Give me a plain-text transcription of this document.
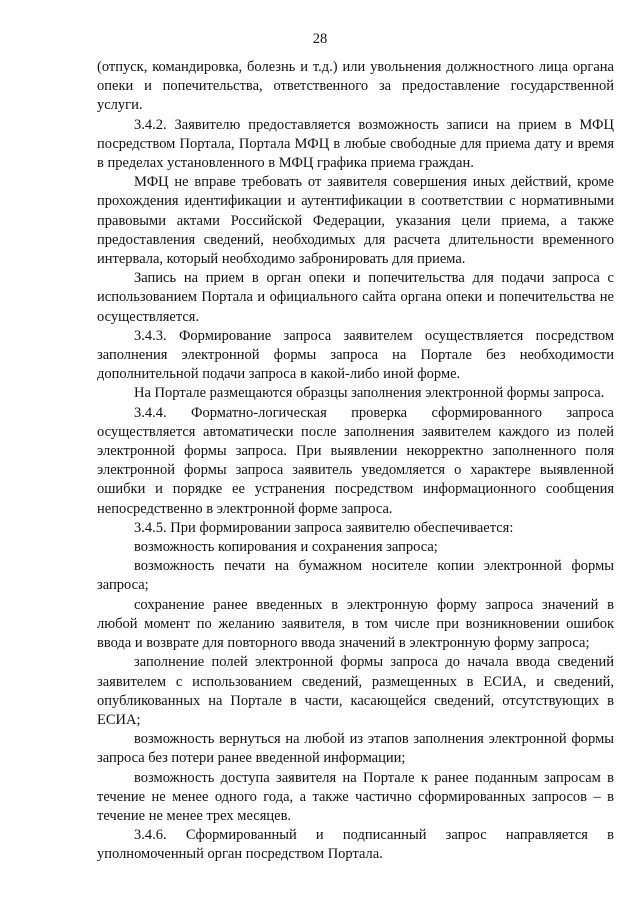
28

(отпуск, командировка, болезнь и т.д.) или увольнения должностного лица органа опеки и попечительства, ответственного за предоставление государственной услуги.

3.4.2. Заявителю предоставляется возможность записи на прием в МФЦ посредством Портала, Портала МФЦ в любые свободные для приема дату и время в пределах установленного в МФЦ графика приема граждан.

МФЦ не вправе требовать от заявителя совершения иных действий, кроме прохождения идентификации и аутентификации в соответствии с нормативными правовыми актами Российской Федерации, указания цели приема, а также предоставления сведений, необходимых для расчета длительности временного интервала, который необходимо забронировать для приема.

Запись на прием в орган опеки и попечительства для подачи запроса с использованием Портала и официального сайта органа опеки и попечительства не осуществляется.

3.4.3. Формирование запроса заявителем осуществляется посредством заполнения электронной формы запроса на Портале без необходимости дополнительной подачи запроса в какой-либо иной форме.

На Портале размещаются образцы заполнения электронной формы запроса.

3.4.4. Форматно-логическая проверка сформированного запроса осуществляется автоматически после заполнения заявителем каждого из полей электронной формы запроса. При выявлении некорректно заполненного поля электронной формы запроса заявитель уведомляется о характере выявленной ошибки и порядке ее устранения посредством информационного сообщения непосредственно в электронной форме запроса.

3.4.5. При формировании запроса заявителю обеспечивается:

возможность копирования и сохранения запроса;

возможность печати на бумажном носителе копии электронной формы запроса;

сохранение ранее введенных в электронную форму запроса значений в любой момент по желанию заявителя, в том числе при возникновении ошибок ввода и возврате для повторного ввода значений в электронную форму запроса;

заполнение полей электронной формы запроса до начала ввода сведений заявителем с использованием сведений, размещенных в ЕСИА, и сведений, опубликованных на Портале в части, касающейся сведений, отсутствующих в ЕСИА;

возможность вернуться на любой из этапов заполнения электронной формы запроса без потери ранее введенной информации;

возможность доступа заявителя на Портале к ранее поданным запросам в течение не менее одного года, а также частично сформированных запросов – в течение не менее трех месяцев.

3.4.6. Сформированный и подписанный запрос направляется в уполномоченный орган посредством Портала.
